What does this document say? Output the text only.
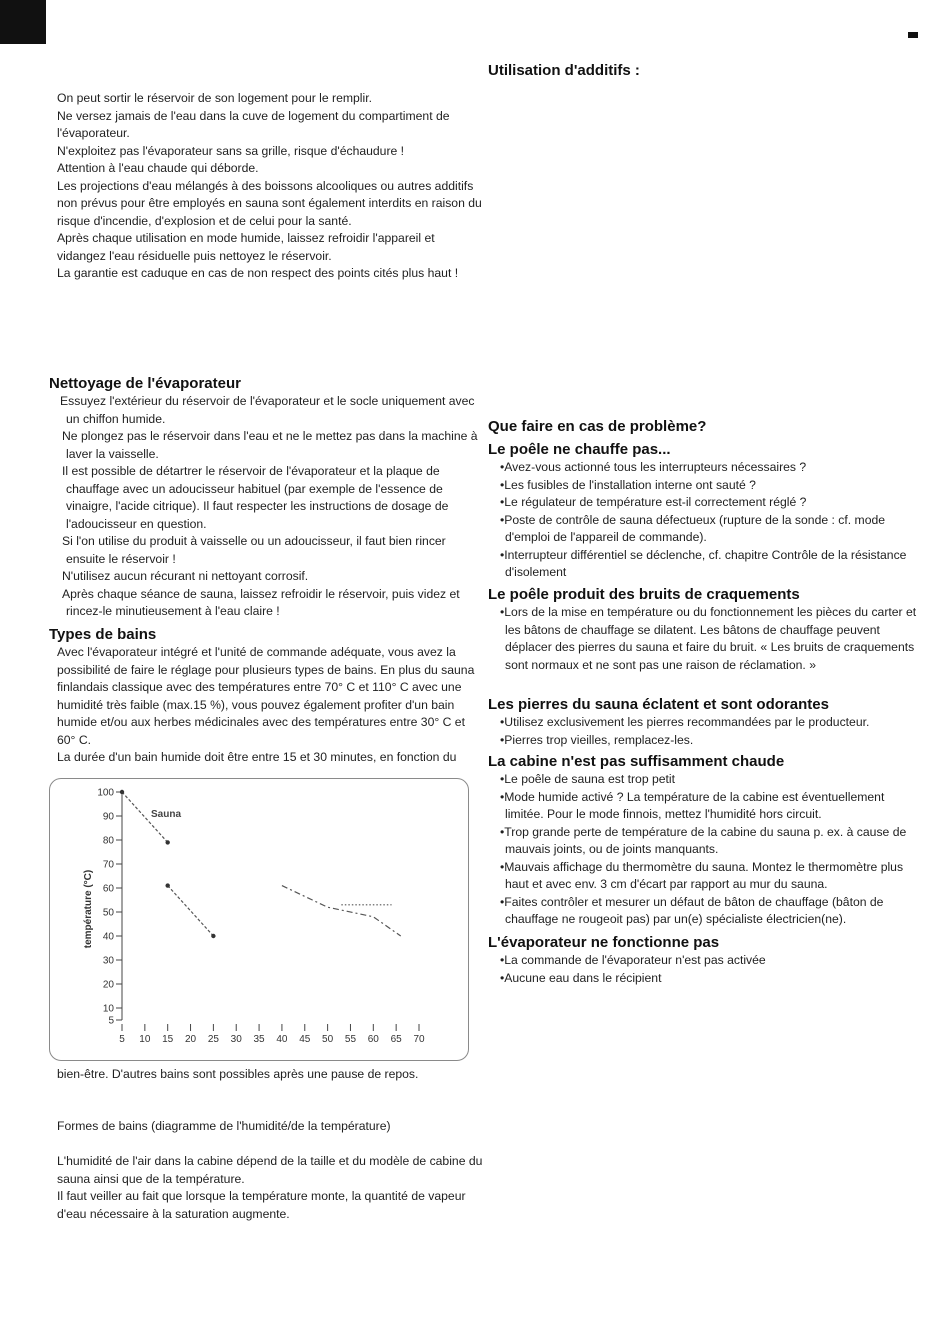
On peut sortir le réservoir de son logement pour le remplir.
Ne versez jamais de l'eau dans la cuve de logement du compartiment de
l'évaporateur.
N'exploitez pas l'évaporateur sans sa grille, risque d'échaudure !
Attention à l'eau chaude qui déborde.
Les projections d'eau mélangés à des boissons alcooliques ou autres additifs
non prévus pour être employés en sauna sont également interdits en raison du
risque d'incendie, d'explosion et de celui pour la santé.
Après chaque utilisation en mode humide, laissez refroidir l'appareil et
vidangez l'eau résiduelle puis nettoyez le réservoir.
La garantie est caduque en cas de non respect des points cités plus haut !
Nettoyage de l'évaporateur
Essuyez l'extérieur du réservoir de l'évaporateur et le socle uniquement avec
un chiffon humide.
Ne plongez pas le réservoir dans l'eau et ne le mettez pas dans la machine à
laver la vaisselle.
Il est possible de détartrer le réservoir de l'évaporateur et la plaque de
chauffage avec un adoucisseur habituel (par exemple de l'essence de
vinaigre, l'acide citrique). Il faut respecter les instructions de dosage de
l'adoucisseur en question.
Si l'on utilise du produit à vaisselle ou un adoucisseur, il faut bien rincer
ensuite le réservoir !
N'utilisez aucun récurant ni nettoyant corrosif.
Après chaque séance de sauna, laissez refroidir le réservoir, puis videz et
rincez-le minutieusement à l'eau claire !
Types de bains
Avec l'évaporateur intégré et l'unité de commande adéquate, vous avez la
possibilité de faire le réglage pour plusieurs types de bains. En plus du sauna
finlandais classique avec des températures entre 70° C et 110° C avec une
humidité très faible (max.15 %), vous pouvez également profiter d'un bain
humide et/ou aux herbes médicinales avec des températures entre 30° C et
60° C.
La durée d'un bain humide doit être entre 15 et 30 minutes, en fonction du
bien-être. D'autres bains sont possibles après une pause de repos.
Formes de bains (diagramme de l'humidité/de la température)
L'humidité de l'air dans la cabine dépend de la taille et du modèle de cabine du
sauna ainsi que de la température.
Il faut veiller au fait que lorsque la température monte, la quantité de vapeur
d'eau nécessaire à la saturation augmente.
température (°C)
Sauna
100
90
80
70
60
50
40
30
20
10
5
5 10 15 20 25 30 35 40 45 50 55 60 65 70
Utilisation d'additifs :
Que faire en cas de problème?
Le poêle ne chauffe pas...
•Avez-vous actionné tous les interrupteurs nécessaires ?
•Les fusibles de l'installation interne ont sauté ?
•Le régulateur de température est-il correctement réglé ?
•Poste de contrôle de sauna défectueux (rupture de la sonde : cf. mode
d'emploi de l'appareil de commande).
•Interrupteur différentiel se déclenche, cf. chapitre Contrôle de la résistance
d'isolement
Le poêle produit des bruits de craquements
•Lors de la mise en température ou du fonctionnement les pièces du carter et
les bâtons de chauffage se dilatent. Les bâtons de chauffage peuvent
déplacer des pierres du sauna et faire du bruit. « Les bruits de craquements
sont normaux et ne sont pas une raison de réclamation. »
Les pierres du sauna éclatent et sont odorantes
•Utilisez exclusivement les pierres recommandées par le producteur.
•Pierres trop vieilles, remplacez-les.
La cabine n'est pas suffisamment chaude
•Le poêle de sauna est trop petit
•Mode humide activé ? La température de la cabine est éventuellement
limitée. Pour le mode finnois, mettez l'humidité hors circuit.
•Trop grande perte de température de la cabine du sauna p. ex. à cause de
mauvais joints, ou de joints manquants.
•Mauvais affichage du thermomètre du sauna. Montez le thermomètre plus
haut et avec env. 3 cm d'écart par rapport au mur du sauna.
•Faites contrôler et mesurer un défaut de bâton de chauffage (bâton de
chauffage ne rougeoit pas) par un(e) spécialiste électricien(ne).
L'évaporateur ne fonctionne pas
•La commande de l'évaporateur n'est pas activée
•Aucune eau dans le récipient
